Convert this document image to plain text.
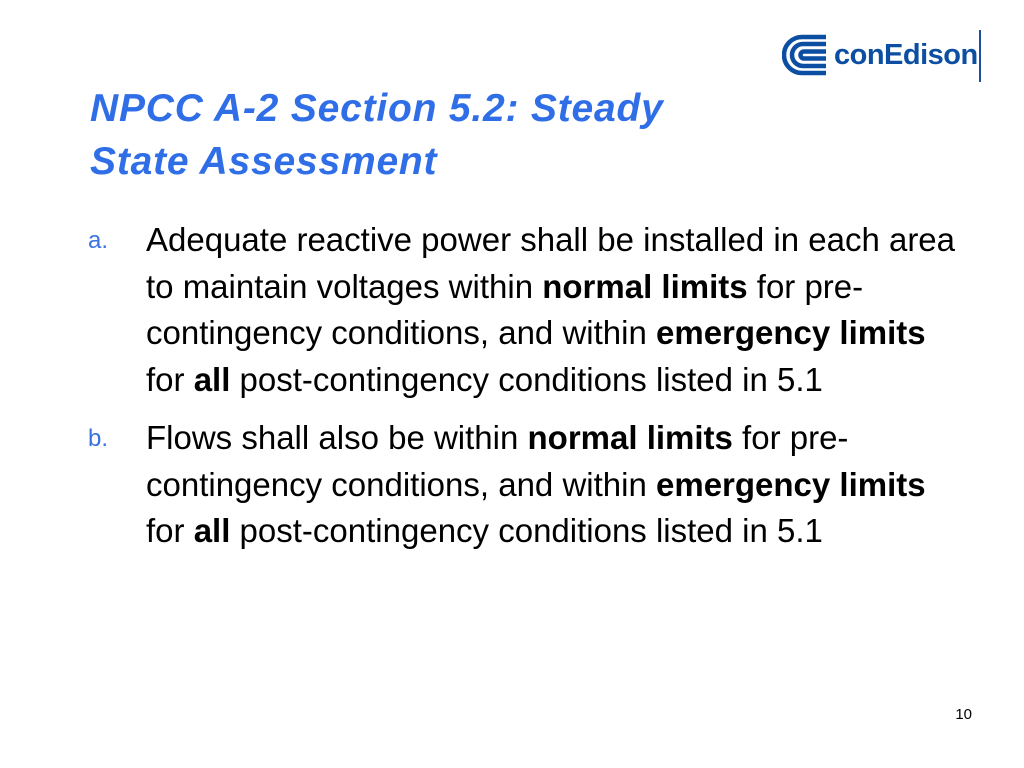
conEdison
NPCC A-2 Section 5.2: Steady
State Assessment
a.	Adequate reactive power shall be installed in each area to maintain voltages within normal limits for pre-contingency conditions, and within emergency limits for all post-contingency conditions listed in 5.1
b.	Flows shall also be within normal limits for pre-contingency conditions, and within emergency limits for all post-contingency conditions listed in 5.1
10
